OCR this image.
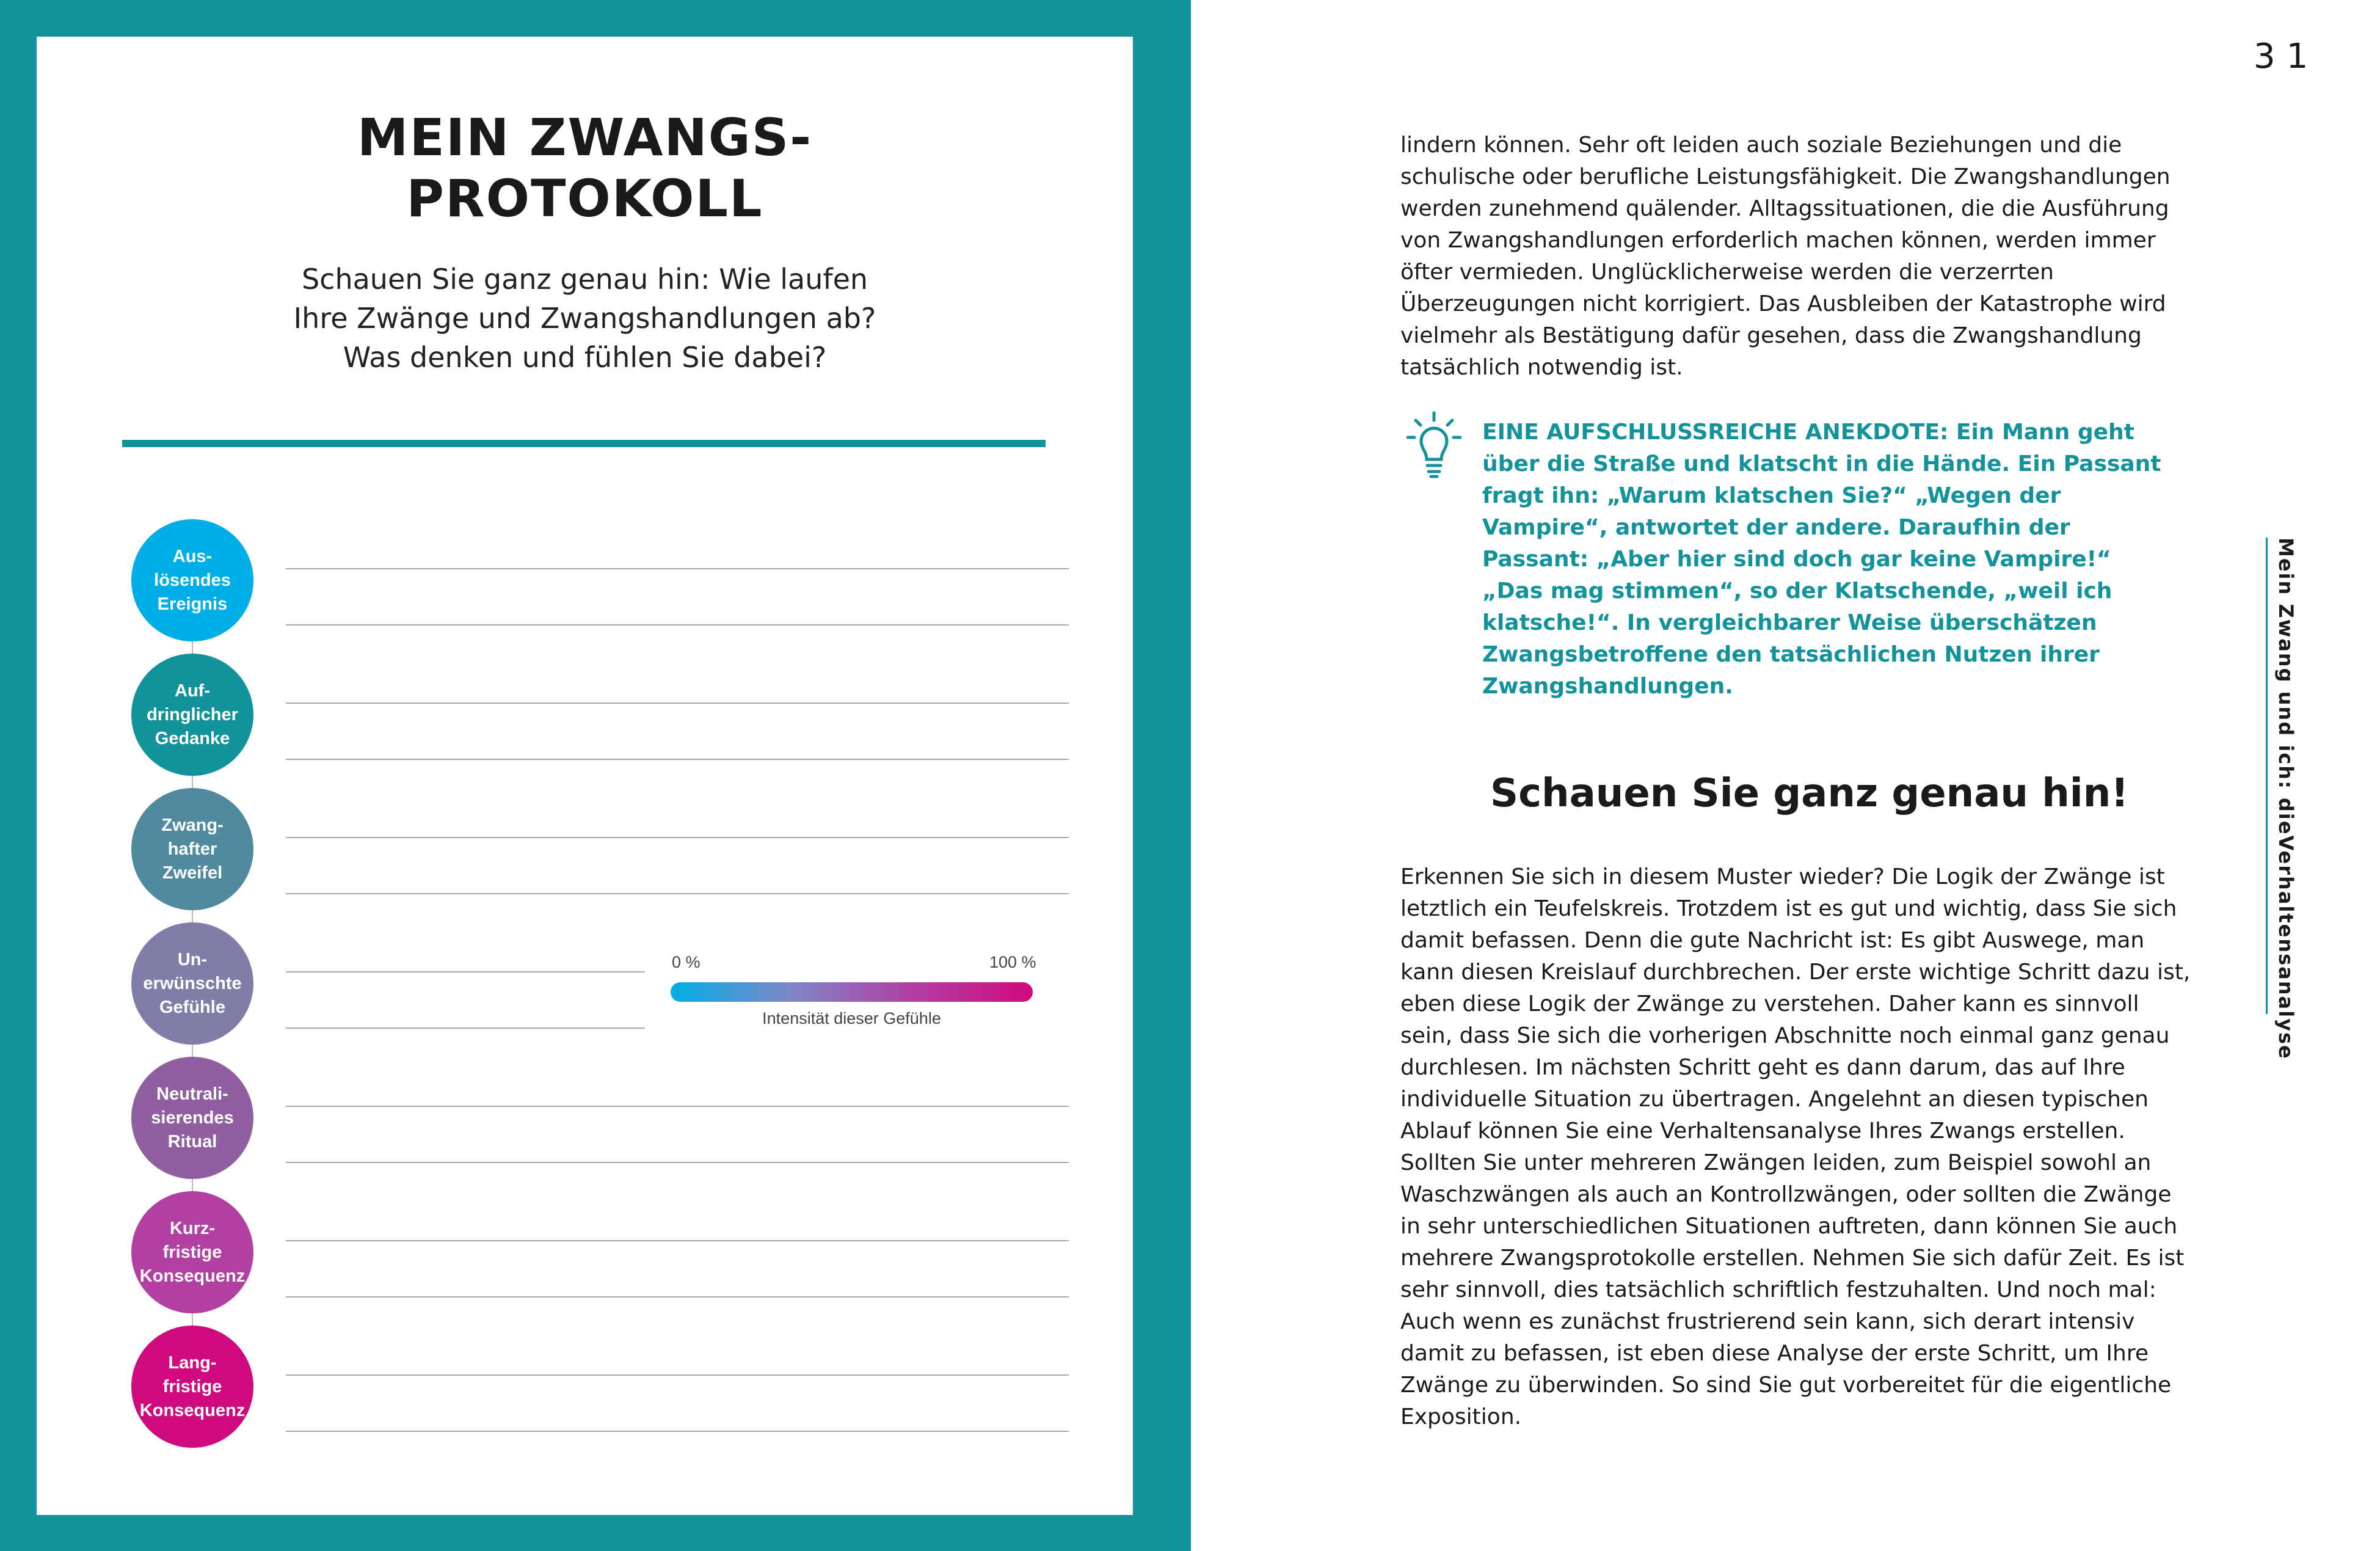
MEIN ZWANGS-
PROTOKOLL
Schauen Sie ganz genau hin: Wie laufen
Ihre Zwänge und Zwangshandlungen ab?
Was denken und fühlen Sie dabei?
Aus-
lösendes
Ereignis
Auf-
dringlicher
Gedanke
Zwang-
hafter
Zweifel
Un-
erwünschte
Gefühle
Neutrali-
sierendes
Ritual
Kurz-
fristige
Konsequenz
Lang-
fristige
Konsequenz
0 %	100 %
Intensität dieser Gefühle
31
lindern können. Sehr oft leiden auch soziale Beziehungen und die schulische oder berufliche Leistungsfähigkeit. Die Zwangshandlungen werden zunehmend quälender. Alltagssituationen, die die Ausführung von Zwangshandlungen erforderlich machen können, werden immer öfter vermieden. Unglücklicherweise werden die verzerrten Überzeugungen nicht korrigiert. Das Ausbleiben der Katastrophe wird vielmehr als Bestätigung dafür gesehen, dass die Zwangshandlung tatsächlich notwendig ist.
EINE AUFSCHLUSSREICHE ANEKDOTE: Ein Mann geht über die Straße und klatscht in die Hände. Ein Passant fragt ihn: „Warum klatschen Sie?“ „Wegen der Vampire“, antwortet der andere. Daraufhin der Passant: „Aber hier sind doch gar keine Vampire!“ „Das mag stimmen“, so der Klatschende, „weil ich klatsche!“. In vergleichbarer Weise überschätzen Zwangsbetroffene den tatsächlichen Nutzen ihrer Zwangshandlungen.
Schauen Sie ganz genau hin!
Erkennen Sie sich in diesem Muster wieder? Die Logik der Zwänge ist letztlich ein Teufelskreis. Trotzdem ist es gut und wichtig, dass Sie sich damit befassen. Denn die gute Nachricht ist: Es gibt Auswege, man kann diesen Kreislauf durchbrechen. Der erste wichtige Schritt dazu ist, eben diese Logik der Zwänge zu verstehen. Daher kann es sinnvoll sein, dass Sie sich die vorherigen Abschnitte noch einmal ganz genau durchlesen. Im nächsten Schritt geht es dann darum, das auf Ihre individuelle Situation zu übertragen. Angelehnt an diesen typischen Ablauf können Sie eine Verhaltensanalyse Ihres Zwangs erstellen. Sollten Sie unter mehreren Zwängen leiden, zum Beispiel sowohl an Waschzwängen als auch an Kontrollzwängen, oder sollten die Zwänge in sehr unterschiedlichen Situationen auftreten, dann können Sie auch mehrere Zwangsprotokolle erstellen. Nehmen Sie sich dafür Zeit. Es ist sehr sinnvoll, dies tatsächlich schriftlich festzuhalten. Und noch mal: Auch wenn es zunächst frustrierend sein kann, sich derart intensiv damit zu befassen, ist eben diese Analyse der erste Schritt, um Ihre Zwänge zu überwinden. So sind Sie gut vorbereitet für die eigentliche Exposition.
Mein Zwang und ich: dieVerhaltensanalyse
